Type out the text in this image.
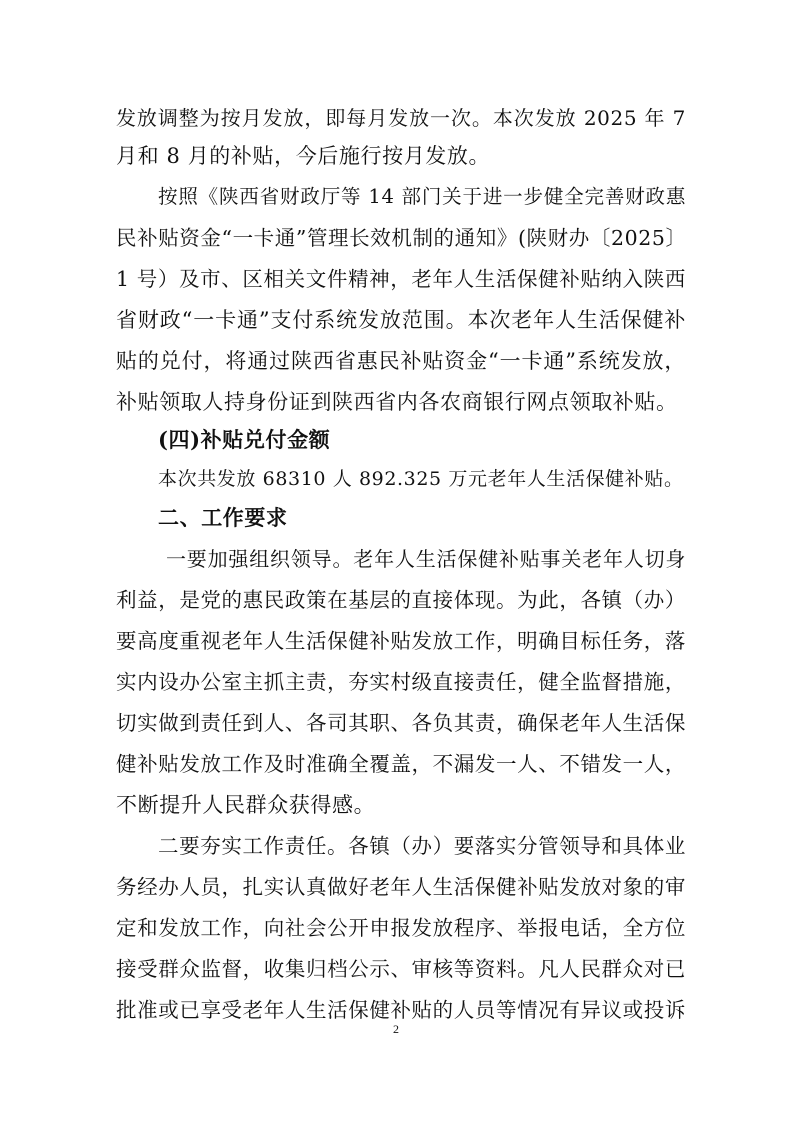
发放调整为按月发放，即每月发放一次。本次发放 2025 年 7
月和 8 月的补贴，今后施行按月发放。
按照《陕西省财政厅等 14 部门关于进一步健全完善财政惠
民补贴资金“一卡通”管理长效机制的通知》(陕财办〔2025〕
1 号）及市、区相关文件精神，老年人生活保健补贴纳入陕西
省财政“一卡通”支付系统发放范围。本次老年人生活保健补
贴的兑付，将通过陕西省惠民补贴资金“一卡通”系统发放，
补贴领取人持身份证到陕西省内各农商银行网点领取补贴。
(四)补贴兑付金额
本次共发放 68310 人 892.325 万元老年人生活保健补贴。
二、工作要求
一要加强组织领导。老年人生活保健补贴事关老年人切身
利益，是党的惠民政策在基层的直接体现。为此，各镇（办）
要高度重视老年人生活保健补贴发放工作，明确目标任务，落
实内设办公室主抓主责，夯实村级直接责任，健全监督措施，
切实做到责任到人、各司其职、各负其责，确保老年人生活保
健补贴发放工作及时准确全覆盖，不漏发一人、不错发一人，
不断提升人民群众获得感。
二要夯实工作责任。各镇（办）要落实分管领导和具体业
务经办人员，扎实认真做好老年人生活保健补贴发放对象的审
定和发放工作，向社会公开申报发放程序、举报电话，全方位
接受群众监督，收集归档公示、审核等资料。凡人民群众对已
批准或已享受老年人生活保健补贴的人员等情况有异议或投诉
2
